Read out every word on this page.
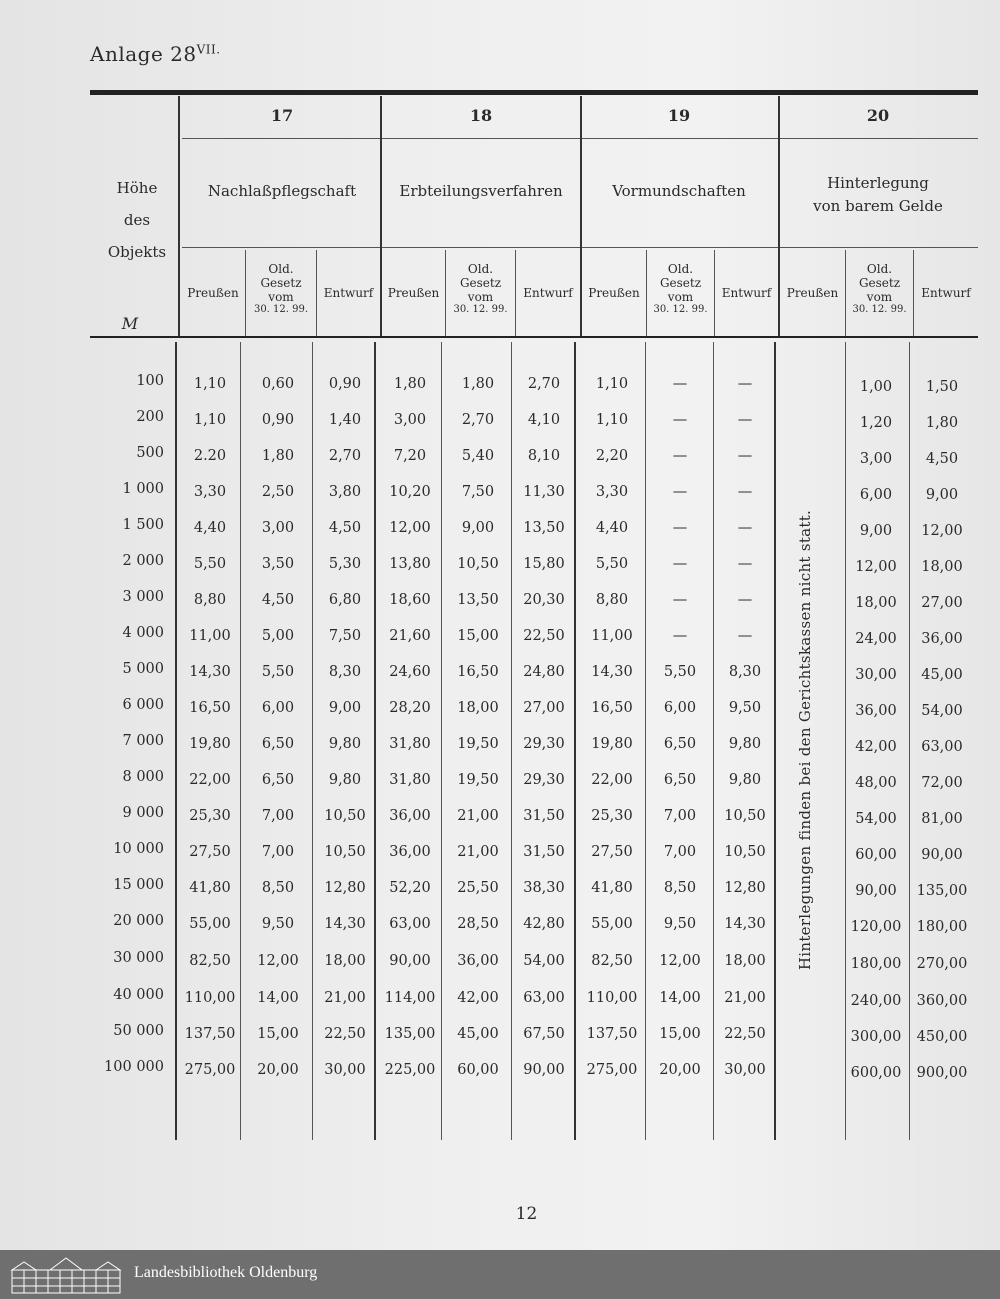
Anlage $28^{VII.}$
Höhe
des
Objekts
M
17	18	19	20
Nachlaßpflegschaft	Erbteilungsverfahren	Vormundschaften	Hinterlegung
von barem Gelde
Preußen
Old.
Gesetz
vom
30. 12. 99.
Entwurf	Preußen
Old.
Gesetz
vom
30. 12. 99.
Entwurf	Preußen
Old.
Gesetz
vom
30. 12. 99.
Entwurf	Preußen
Old.
Gesetz
vom
30. 12. 99.
Entwurf
100	1,10	0,60	0,90	1,80	1,80	2,70	1,10	—	—	1,00	1,50
200	1,10	0,90	1,40	3,00	2,70	4,10	1,10	—	—	1,20	1,80
500	2.20	1,80	2,70	7,20	5,40	8,10	2,20	—	—	3,00	4,50
1 000	3,30	2,50	3,80	10,20	7,50	11,30	3,30	—	—	6,00	9,00
1 500	4,40	3,00	4,50	12,00	9,00	13,50	4,40	—	—	9,00	12,00
2 000	5,50	3,50	5,30	13,80	10,50	15,80	5,50	—	—	12,00	18,00
3 000	8,80	4,50	6,80	18,60	13,50	20,30	8,80	—	—	18,00	27,00
4 000	11,00	5,00	7,50	21,60	15,00	22,50	11,00	—	—	24,00	36,00
5 000	14,30	5,50	8,30	24,60	16,50	24,80	14,30	5,50	8,30	30,00	45,00
6 000	16,50	6,00	9,00	28,20	18,00	27,00	16,50	6,00	9,50	36,00	54,00
7 000	19,80	6,50	9,80	31,80	19,50	29,30	19,80	6,50	9,80	42,00	63,00
8 000	22,00	6,50	9,80	31,80	19,50	29,30	22,00	6,50	9,80	48,00	72,00
9 000	25,30	7,00	10,50	36,00	21,00	31,50	25,30	7,00	10,50	54,00	81,00
10 000	27,50	7,00	10,50	36,00	21,00	31,50	27,50	7,00	10,50	60,00	90,00
15 000	41,80	8,50	12,80	52,20	25,50	38,30	41,80	8,50	12,80	90,00	135,00
20 000	55,00	9,50	14,30	63,00	28,50	42,80	55,00	9,50	14,30	120,00	180,00
30 000	82,50	12,00	18,00	90,00	36,00	54,00	82,50	12,00	18,00	180,00	270,00
40 000	110,00	14,00	21,00	114,00	42,00	63,00	110,00	14,00	21,00	240,00	360,00
50 000	137,50	15,00	22,50	135,00	45,00	67,50	137,50	15,00	22,50	300,00	450,00
100 000	275,00	20,00	30,00	225,00	60,00	90,00	275,00	20,00	30,00	600,00	900,00
Hinterlegungen finden bei den Gerichtskassen nicht statt.
12
Landesbibliothek Oldenburg
